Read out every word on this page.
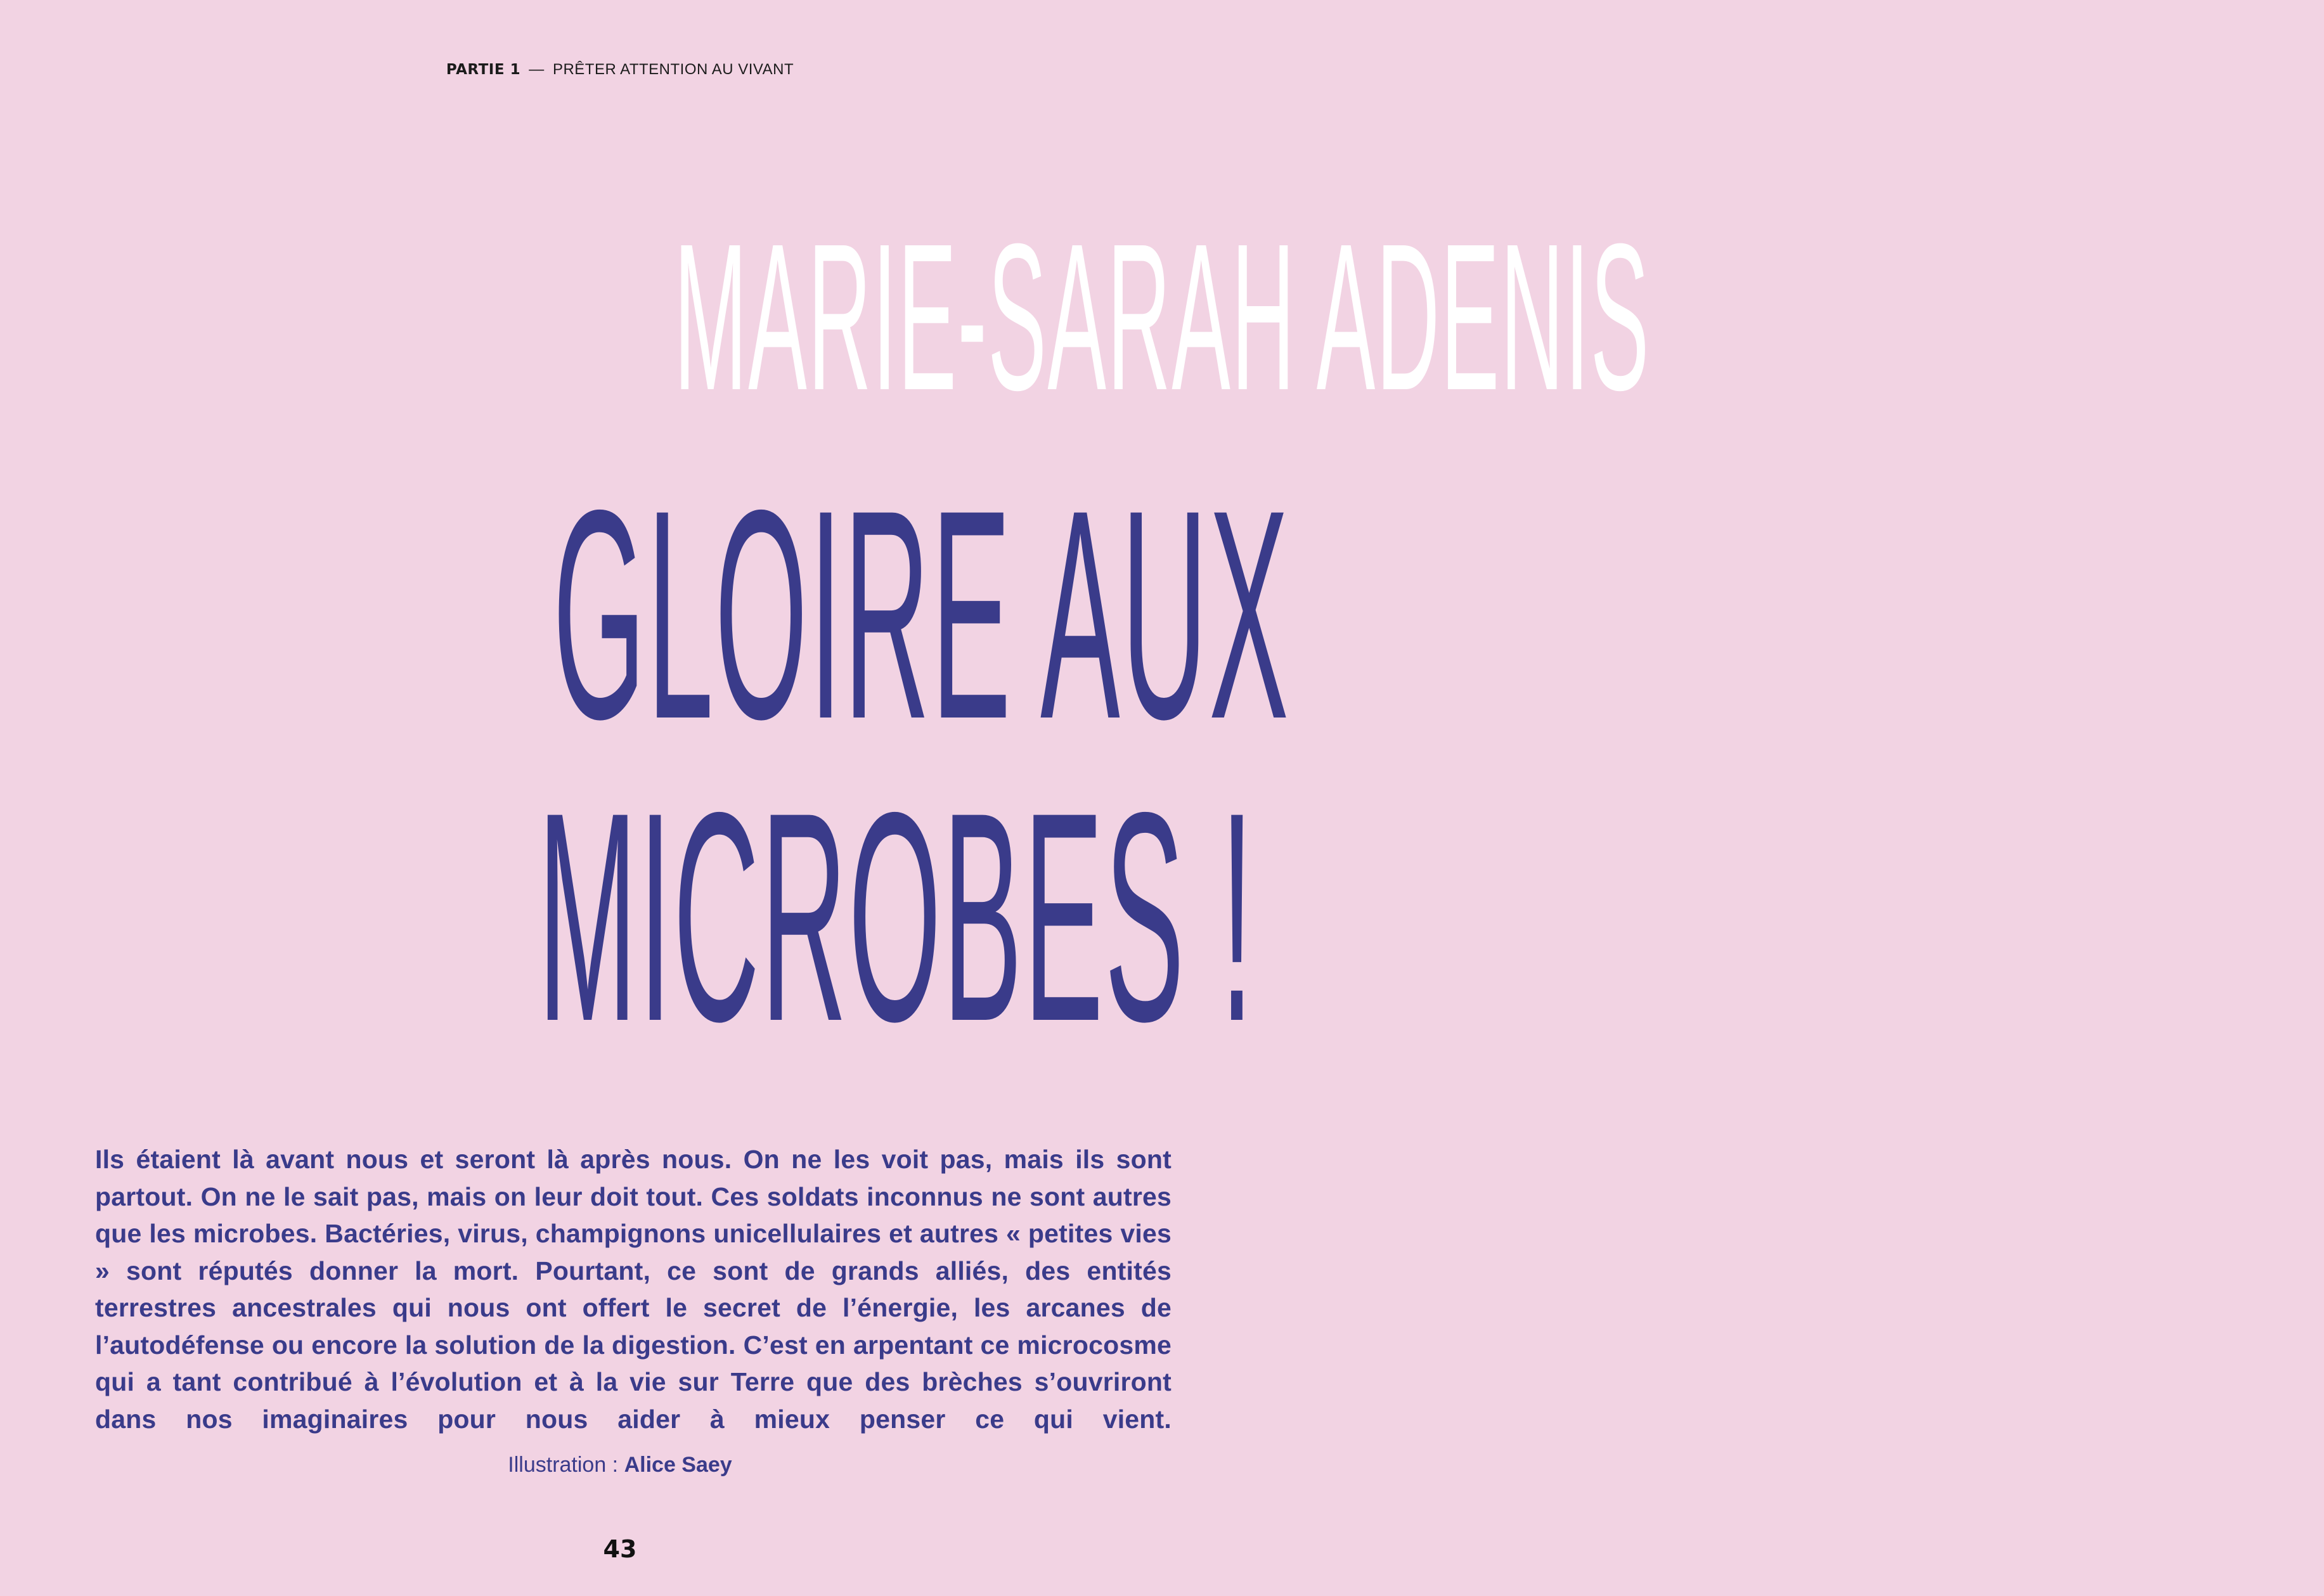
PARTIE 1 — PRÊTER ATTENTION AU VIVANT
MARIE-SARAH ADENIS
GLOIRE AUX
MICROBES !
Ils étaient là avant nous et seront là après nous. On ne les voit pas, mais ils sont partout. On ne le sait pas, mais on leur doit tout. Ces soldats inconnus ne sont autres que les microbes. Bactéries, virus, champignons unicellulaires et autres « petites vies » sont réputés donner la mort. Pourtant, ce sont de grands alliés, des entités terrestres ancestrales qui nous ont offert le secret de l’énergie, les arcanes de l’autodéfense ou encore la solution de la digestion. C’est en arpentant ce microcosme qui a tant contribué à l’évolution et à la vie sur Terre que des brèches s’ouvriront dans nos imaginaires pour nous aider à mieux penser ce qui vient.
Illustration : Alice Saey
43
